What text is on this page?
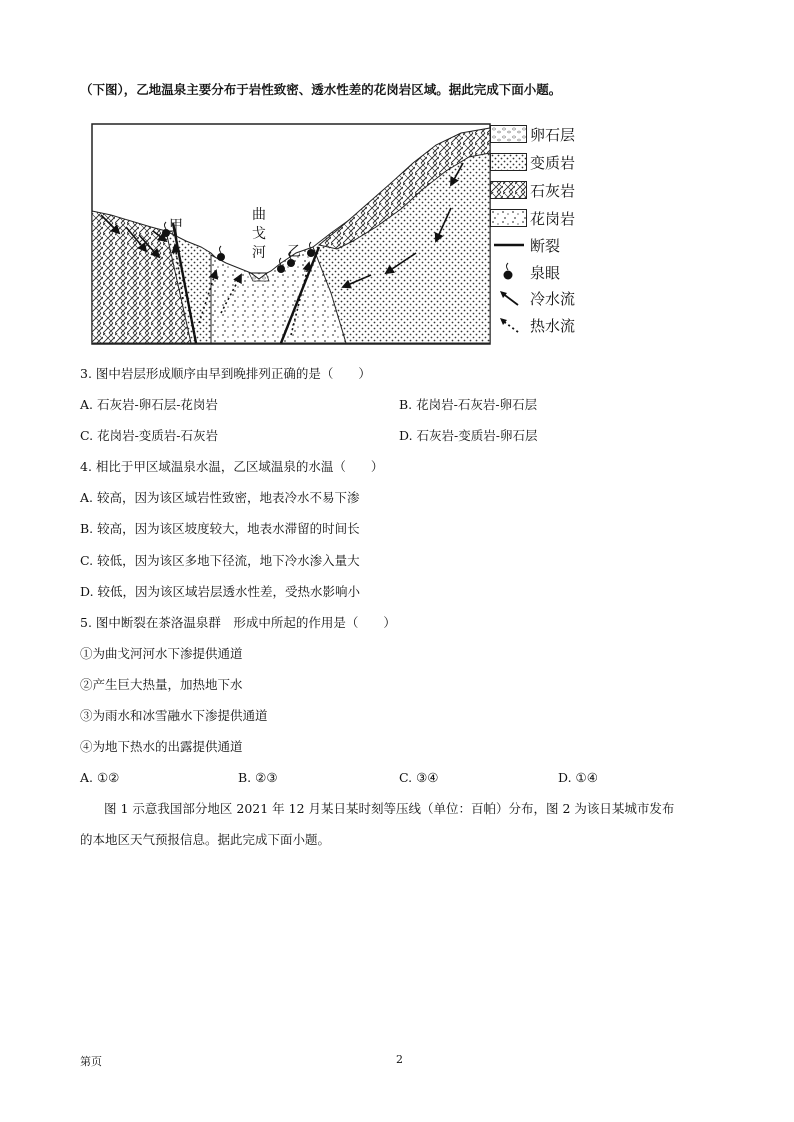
（下图），乙地温泉主要分布于岩性致密、透水性差的花岗岩区域。据此完成下面小题。
甲
乙
曲
戈
河
卵石层
变质岩
石灰岩
花岗岩
断裂
泉眼
冷水流
热水流
3. 图中岩层形成顺序由早到晚排列正确的是（　　）
A. 石灰岩-卵石层-花岗岩	B. 花岗岩-石灰岩-卵石层
C. 花岗岩-变质岩-石灰岩	D. 石灰岩-变质岩-卵石层
4. 相比于甲区域温泉水温，乙区域温泉的水温（　　）
A. 较高，因为该区域岩性致密，地表冷水不易下渗
B. 较高，因为该区坡度较大，地表水滞留的时间长
C. 较低，因为该区多地下径流，地下冷水渗入量大
D. 较低，因为该区域岩层透水性差，受热水影响小
5. 图中断裂在茶洛温泉群　形成中所起的作用是（　　）
①为曲戈河河水下渗提供通道
②产生巨大热量，加热地下水
③为雨水和冰雪融水下渗提供通道
④为地下热水的出露提供通道
A. ①②	B. ②③	C. ③④	D. ①④
图 1 示意我国部分地区 2021 年 12 月某日某时刻等压线（单位：百帕）分布，图 2 为该日某城市发布
的本地区天气预报信息。据此完成下面小题。
第页	2
